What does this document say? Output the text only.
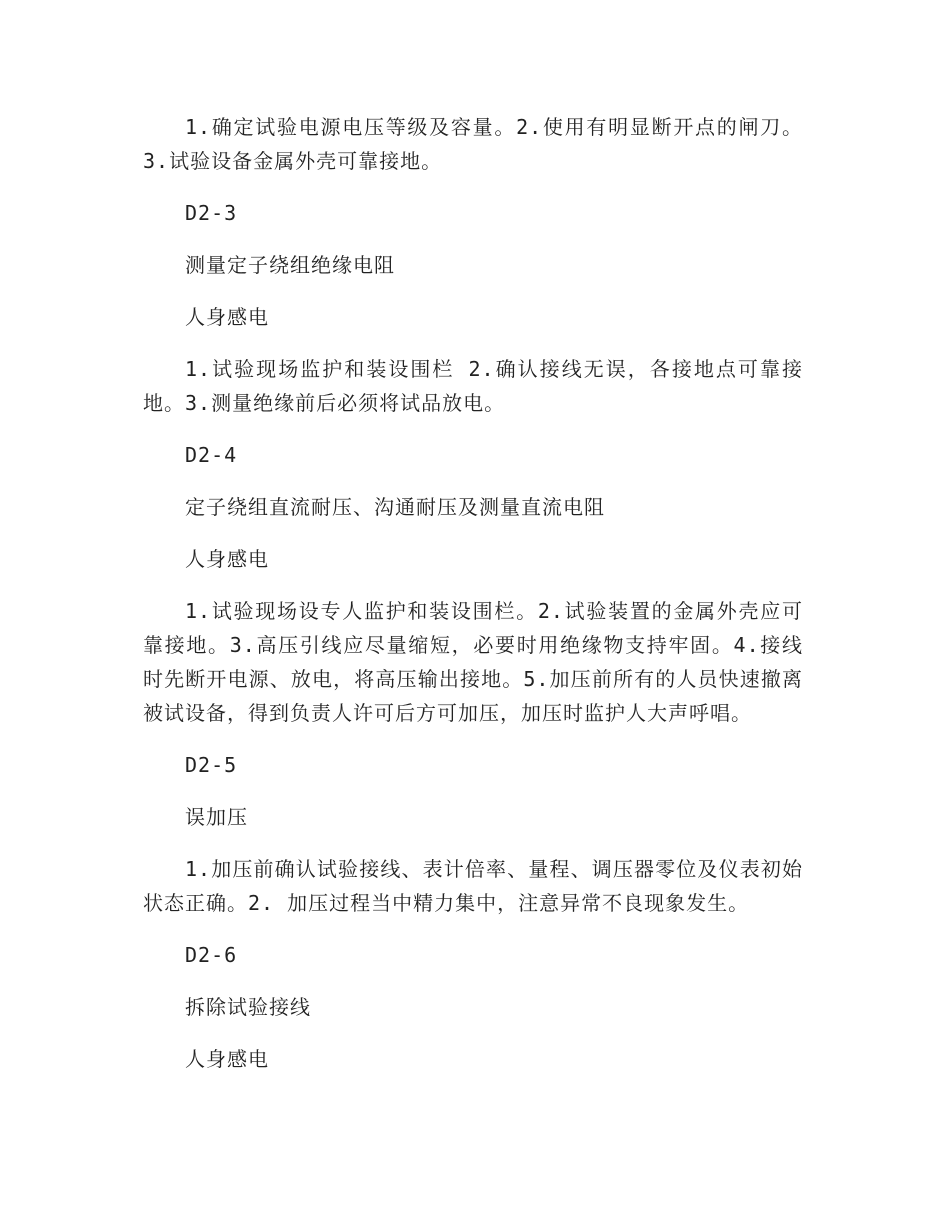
1.确定试验电源电压等级及容量。2.使用有明显断开点的闸刀。3.试验设备金属外壳可靠接地。

D2-3

测量定子绕组绝缘电阻

人身感电

1.试验现场监护和装设围栏 2.确认接线无误，各接地点可靠接地。3.测量绝缘前后必须将试品放电。

D2-4

定子绕组直流耐压、沟通耐压及测量直流电阻

人身感电

1.试验现场设专人监护和装设围栏。2.试验装置的金属外壳应可靠接地。3.高压引线应尽量缩短，必要时用绝缘物支持牢固。4.接线时先断开电源、放电，将高压输出接地。5.加压前所有的人员快速撤离被试设备，得到负责人许可后方可加压，加压时监护人大声呼唱。

D2-5

误加压

1.加压前确认试验接线、表计倍率、量程、调压器零位及仪表初始状态正确。2. 加压过程当中精力集中，注意异常不良现象发生。

D2-6

拆除试验接线

人身感电
